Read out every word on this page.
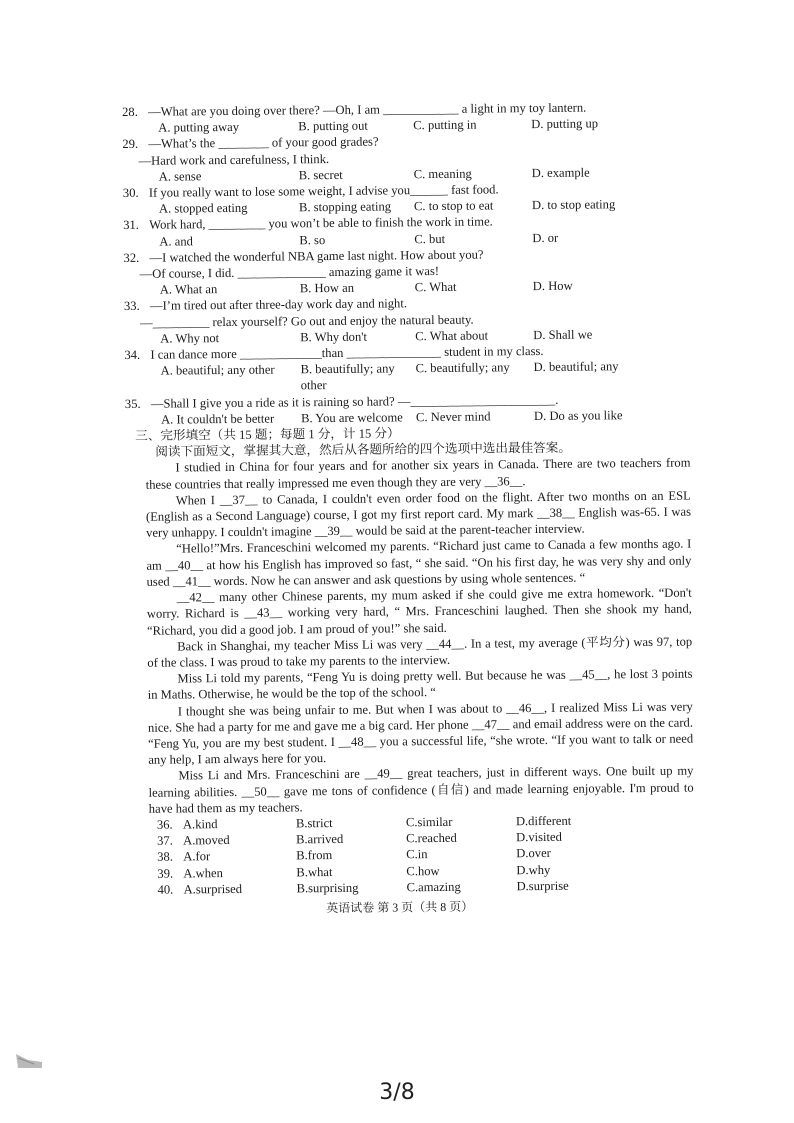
28. —What are you doing over there? —Oh, I am ____________ a light in my toy lantern.
A. putting away	B. putting out	C. putting in	D. putting up
29. —What’s the ________ of your good grades?
—Hard work and carefulness, I think.
A. sense	B. secret	C. meaning	D. example
30. If you really want to lose some weight, I advise you______ fast food.
A. stopped eating	B. stopping eating	C. to stop to eat	D. to stop eating
31. Work hard, _________ you won’t be able to finish the work in time.
A. and	B. so	C. but	D. or
32. —I watched the wonderful NBA game last night. How about you?
—Of course, I did. ______________ amazing game it was!
A. What an	B. How an	C. What	D. How
33. —I’m tired out after three-day work day and night.
—_________ relax yourself? Go out and enjoy the natural beauty.
A. Why not	B. Why don't	C. What about	D. Shall we
34. I can dance more _____________than _______________ student in my class.
A. beautiful; any other	B. beautifully; any other
C. beautifully; any	D. beautiful; any
35. —Shall I give you a ride as it is raining so hard? —_______________________.
A. It couldn't be better	B. You are welcome	C. Never mind	D. Do as you like
三、完形填空（共 15 题；每题 1 分，计 15 分）
阅读下面短文，掌握其大意，然后从各题所给的四个选项中选出最佳答案。
I studied in China for four years and for another six years in Canada. There are two teachers from these countries that really impressed me even though they are very __36__.
When I __37__ to Canada, I couldn't even order food on the flight. After two months on an ESL (English as a Second Language) course, I got my first report card. My mark __38__ English was-65. I was very unhappy. I couldn't imagine __39__ would be said at the parent-teacher interview.
“Hello!”Mrs. Franceschini welcomed my parents. “Richard just came to Canada a few months ago. I am __40__ at how his English has improved so fast, “ she said. “On his first day, he was very shy and only used __41__ words. Now he can answer and ask questions by using whole sentences. “
__42__ many other Chinese parents, my mum asked if she could give me extra homework. “Don't worry. Richard is __43__ working very hard, “ Mrs. Franceschini laughed. Then she shook my hand, “Richard, you did a good job. I am proud of you!” she said.
Back in Shanghai, my teacher Miss Li was very __44__. In a test, my average (平均分) was 97, top of the class. I was proud to take my parents to the interview.
Miss Li told my parents, “Feng Yu is doing pretty well. But because he was __45__, he lost 3 points in Maths. Otherwise, he would be the top of the school. “
I thought she was being unfair to me. But when I was about to __46__, I realized Miss Li was very nice. She had a party for me and gave me a big card. Her phone __47__ and email address were on the card. “Feng Yu, you are my best student. I __48__ you a successful life, “she wrote. “If you want to talk or need any help, I am always here for you.
Miss Li and Mrs. Franceschini are __49__ great teachers, just in different ways. One built up my learning abilities. __50__ gave me tons of confidence (自信) and made learning enjoyable. I'm proud to have had them as my teachers.
36. A.kind	B.strict	C.similar	D.different
37. A.moved	B.arrived	C.reached	D.visited
38. A.for	B.from	C.in	D.over
39. A.when	B.what	C.how	D.why
40. A.surprised	B.surprising	C.amazing	D.surprise
英语试卷 第 3 页（共 8 页）
3/8
